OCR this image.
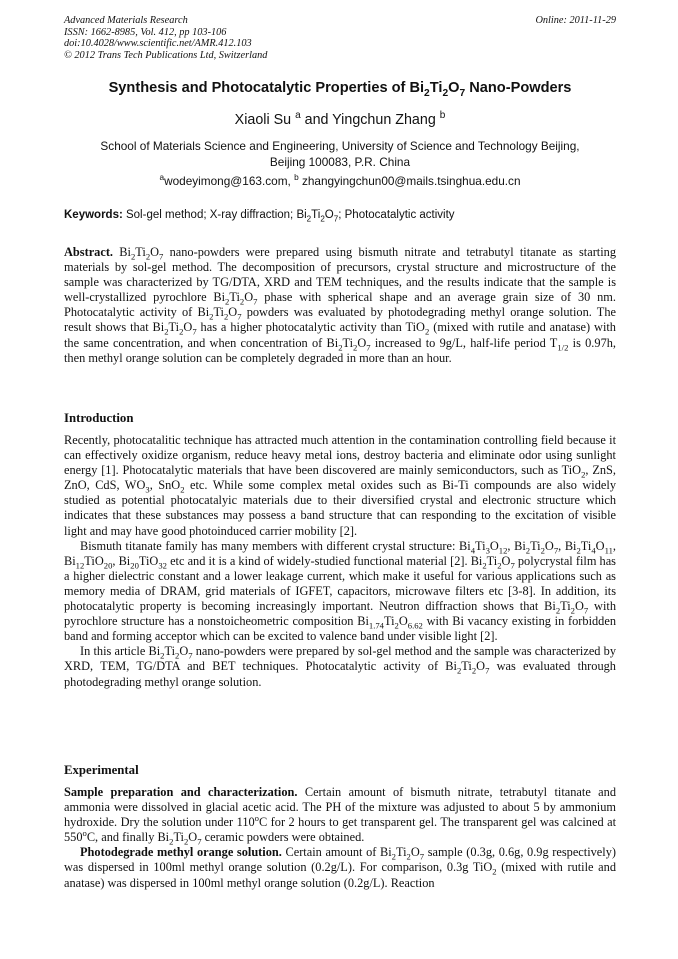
Advanced Materials Research
ISSN: 1662-8985, Vol. 412, pp 103-106
doi:10.4028/www.scientific.net/AMR.412.103
© 2012 Trans Tech Publications Ltd, Switzerland
Online: 2011-11-29
Synthesis and Photocatalytic Properties of $Bi_2Ti_2O_7$ Nano-Powders
Xiaoli Su $^a$ and Yingchun Zhang $^b$
School of Materials Science and Engineering, University of Science and Technology Beijing,
Beijing 100083, P.R. China
$^a$wodeyimong@163.com, $^b$ zhangyingchun00@mails.tsinghua.edu.cn
Keywords: Sol-gel method; X-ray diffraction; $Bi_2Ti_2O_7$; Photocatalytic activity

Abstract. $Bi_2Ti_2O_7$ nano-powders were prepared using bismuth nitrate and tetrabutyl titanate as starting materials by sol-gel method. The decomposition of precursors, crystal structure and microstructure of the sample was characterized by TG/DTA, XRD and TEM techniques, and the results indicate that the sample is well-crystallized pyrochlore $Bi_2Ti_2O_7$ phase with spherical shape and an average grain size of 30 nm. Photocatalytic activity of $Bi_2Ti_2O_7$ powders was evaluated by photodegrading methyl orange solution. The result shows that $Bi_2Ti_2O_7$ has a higher photocatalytic activity than TiO$_2$ (mixed with rutile and anatase) with the same concentration, and when concentration of $Bi_2Ti_2O_7$ increased to 9g/L, half-life period $T_{1/2}$ is 0.97h, then methyl orange solution can be completely degraded in more than an hour.

Introduction

Recently, photocatalitic technique has attracted much attention in the contamination controlling field because it can effectively oxidize organism, reduce heavy metal ions, destroy bacteria and eliminate odor using sunlight energy [1]. Photocatalytic materials that have been discovered are mainly semiconductors, such as TiO$_2$, ZnS, ZnO, CdS, $WO_3$, SnO$_2$ etc. While some complex metal oxides such as Bi-Ti compounds are also widely studied as potential photocatalyic materials due to their diversified crystal and electronic structure which indicates that these substances may possess a band structure that can responding to the excitation of visible light and may have good photoinduced carrier mobility [2].

Bismuth titanate family has many members with different crystal structure: $Bi_4Ti_3O_{12}$, $Bi_2Ti_2O_7$, $Bi_2Ti_4O_{11}$, $Bi_{12}TiO_{20}$, $Bi_{20}TiO_{32}$ etc and it is a kind of widely-studied functional material [2]. $Bi_2Ti_2O_7$ polycrystal film has a higher dielectric constant and a lower leakage current, which make it useful for various applications such as memory media of DRAM, grid materials of IGFET, capacitors, microwave filters etc [3-8]. In addition, its photocatalytic property is becoming increasingly important. Neutron diffraction shows that $Bi_2Ti_2O_7$ with pyrochlore structure has a nonstoicheometric composition $Bi_{1.74}Ti_2O_{6.62}$ with Bi vacancy existing in forbidden band and forming acceptor which can be excited to valence band under visible light [2].

In this article $Bi_2Ti_2O_7$ nano-powders were prepared by sol-gel method and the sample was characterized by XRD, TEM, TG/DTA and BET techniques. Photocatalytic activity of $Bi_2Ti_2O_7$ was evaluated through photodegrading methyl orange solution.

Experimental

Sample preparation and characterization. Certain amount of bismuth nitrate, tetrabutyl titanate and ammonia were dissolved in glacial acetic acid. The PH of the mixture was adjusted to about 5 by ammonium hydroxide. Dry the solution under 110$^o$C for 2 hours to get transparent gel. The transparent gel was calcined at 550$^o$C, and finally $Bi_2Ti_2O_7$ ceramic powders were obtained.

Photodegrade methyl orange solution. Certain amount of $Bi_2Ti_2O_7$ sample (0.3g, 0.6g, 0.9g respectively) was dispersed in 100ml methyl orange solution (0.2g/L). For comparison, 0.3g TiO$_2$ (mixed with rutile and anatase) was dispersed in 100ml methyl orange solution (0.2g/L). Reaction
